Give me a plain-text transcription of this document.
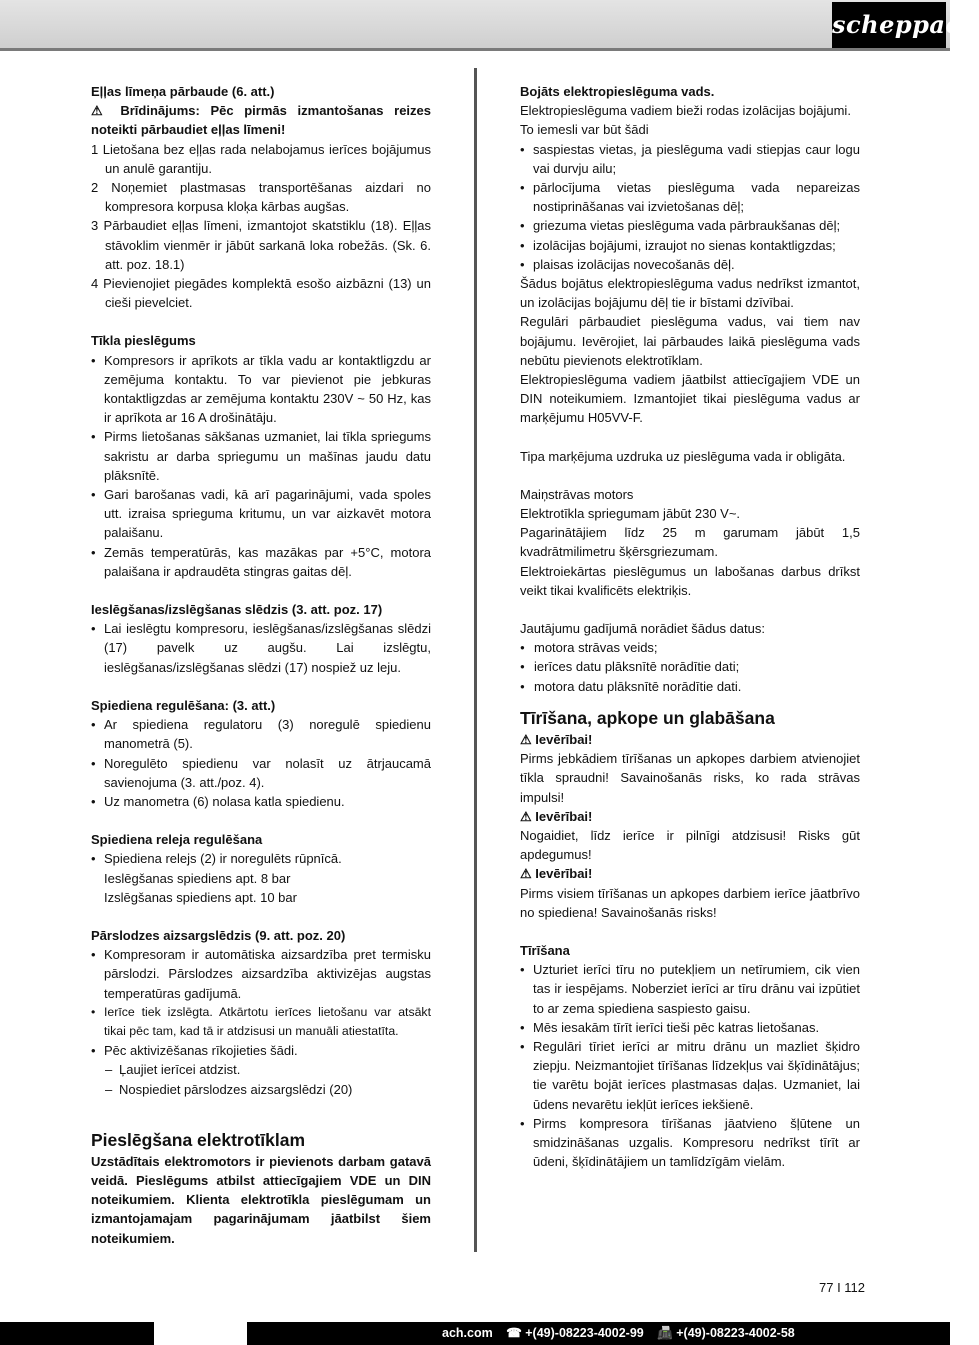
scheppach

Eļļas līmeņa pārbaude (6. att.)

⚠ Brīdinājums: Pēc pirmās izmantošanas reizes noteikti pārbaudiet eļļas līmeni!

1 Lietošana bez eļļas rada nelabojamus ierīces bojājumus un anulē garantiju.
2 Noņemiet plastmasas transportēšanas aizdari no kompresora korpusa kloķa kārbas augšas.
3 Pārbaudiet eļļas līmeni, izmantojot skatstiklu (18). Eļļas stāvoklim vienmēr ir jābūt sarkanā loka robežās. (Sk. 6. att. poz. 18.1)
4 Pievienojiet piegādes komplektā esošo aizbāzni (13) un cieši pievelciet.

Tīkla pieslēgums

• Kompresors ir aprīkots ar tīkla vadu ar kontaktligzdu ar zemējuma kontaktu. To var pievienot pie jebkuras kontaktligzdas ar zemējuma kontaktu 230V ~ 50 Hz, kas ir aprīkota ar 16 A drošinātāju.
• Pirms lietošanas sākšanas uzmaniet, lai tīkla spriegums sakristu ar darba spriegumu un mašīnas jaudu datu plāksnītē.
• Gari barošanas vadi, kā arī pagarinājumi, vada spoles utt. izraisa sprieguma kritumu, un var aizkavēt motora palaišanu.
• Zemās temperatūrās, kas mazākas par +5°C, motora palaišana ir apdraudēta stingras gaitas dēļ.

Ieslēgšanas/izslēgšanas slēdzis (3. att. poz. 17)

• Lai ieslēgtu kompresoru, ieslēgšanas/izslēgšanas slēdzi (17) pavelk uz augšu. Lai izslēgtu, ieslēgšanas/izslēgšanas slēdzi (17) nospiež uz leju.

Spiediena regulēšana: (3. att.)

• Ar spiediena regulatoru (3) noregulē spiedienu manometrā (5).
• Noregulēto spiedienu var nolasīt uz ātrjaucamā savienojuma (3. att./poz. 4).
• Uz manometra (6) nolasa katla spiedienu.

Spiediena releja regulēšana

• Spiediena relejs (2) ir noregulēts rūpnīcā.

Ieslēgšanas spiediens apt. 8 bar

Izslēgšanas spiediens apt. 10 bar

Pārslodzes aizsargslēdzis (9. att. poz. 20)

• Kompresoram ir automātiska aizsardzība pret termisku pārslodzi. Pārslodzes aizsardzība aktivizējas augstas temperatūras gadījumā.
• Ierīce tiek izslēgta. Atkārtotu ierīces lietošanu var atsākt tikai pēc tam, kad tā ir atdzisusi un manuāli atiestatīta.
• Pēc aktivizēšanas rīkojieties šādi.
– Ļaujiet ierīcei atdzist.
– Nospiediet pārslodzes aizsargslēdzi (20)

Pieslēgšana elektrotīklam

Uzstādītais elektromotors ir pievienots darbam gatavā veidā. Pieslēgums atbilst attiecīgajiem VDE un DIN noteikumiem. Klienta elektrotīkla pieslēgumam un izmantojamajam pagarinājumam jāatbilst šiem noteikumiem.

Bojāts elektropieslēguma vads.

Elektropieslēguma vadiem bieži rodas izolācijas bojājumi.

To iemesli var būt šādi

• saspiestas vietas, ja pieslēguma vadi stiepjas caur logu vai durvju ailu;
• pārlocījuma vietas pieslēguma vada nepareizas nostiprināšanas vai izvietošanas dēļ;
• griezuma vietas pieslēguma vada pārbraukšanas dēļ;
• izolācijas bojājumi, izraujot no sienas kontaktligzdas;
• plaisas izolācijas novecošanās dēļ.

Šādus bojātus elektropieslēguma vadus nedrīkst izmantot, un izolācijas bojājumu dēļ tie ir bīstami dzīvībai.

Regulāri pārbaudiet pieslēguma vadus, vai tiem nav bojājumu. Ievērojiet, lai pārbaudes laikā pieslēguma vads nebūtu pievienots elektrotīklam.

Elektropieslēguma vadiem jāatbilst attiecīgajiem VDE un DIN noteikumiem. Izmantojiet tikai pieslēguma vadus ar marķējumu H05VV-F.

Tipa marķējuma uzdruka uz pieslēguma vada ir obligāta.

Maiņstrāvas motors

Elektrotīkla spriegumam jābūt 230 V~.

Pagarinātājiem līdz 25 m garumam jābūt 1,5 kvadrātmilimetru šķērsgriezumam.

Elektroiekārtas pieslēgumus un labošanas darbus drīkst veikt tikai kvalificēts elektriķis.

Jautājumu gadījumā norādiet šādus datus:

● motora strāvas veids;
● ierīces datu plāksnītē norādītie dati;
● motora datu plāksnītē norādītie dati.

Tīrīšana, apkope un glabāšana

⚠ Ievērībai!

Pirms jebkādiem tīrīšanas un apkopes darbiem atvienojiet tīkla spraudni! Savainošanās risks, ko rada strāvas impulsi!

⚠ Ievērībai!

Nogaidiet, līdz ierīce ir pilnīgi atdzisusi! Risks gūt apdegumus!

⚠ Ievērībai!

Pirms visiem tīrīšanas un apkopes darbiem ierīce jāatbrīvo no spiediena! Savainošanās risks!

Tīrīšana

• Uzturiet ierīci tīru no putekļiem un netīrumiem, cik vien tas ir iespējams. Noberziet ierīci ar tīru drānu vai izpūtiet to ar zema spiediena saspiesto gaisu.
• Mēs iesakām tīrīt ierīci tieši pēc katras lietošanas.
• Regulāri tīriet ierīci ar mitru drānu un mazliet šķidro ziepju. Neizmantojiet tīrīšanas līdzekļus vai šķīdinātājus; tie varētu bojāt ierīces plastmasas daļas. Uzmaniet, lai ūdens nevarētu iekļūt ierīces iekšienē.
• Pirms kompresora tīrīšanas jāatvieno šļūtene un smidzināšanas uzgalis. Kompresoru nedrīkst tīrīt ar ūdeni, šķīdinātājiem un tamlīdzīgām vielām.
77 I 112
ach.com ☎ +(49)-08223-4002-99 📠 +(49)-08223-4002-58
